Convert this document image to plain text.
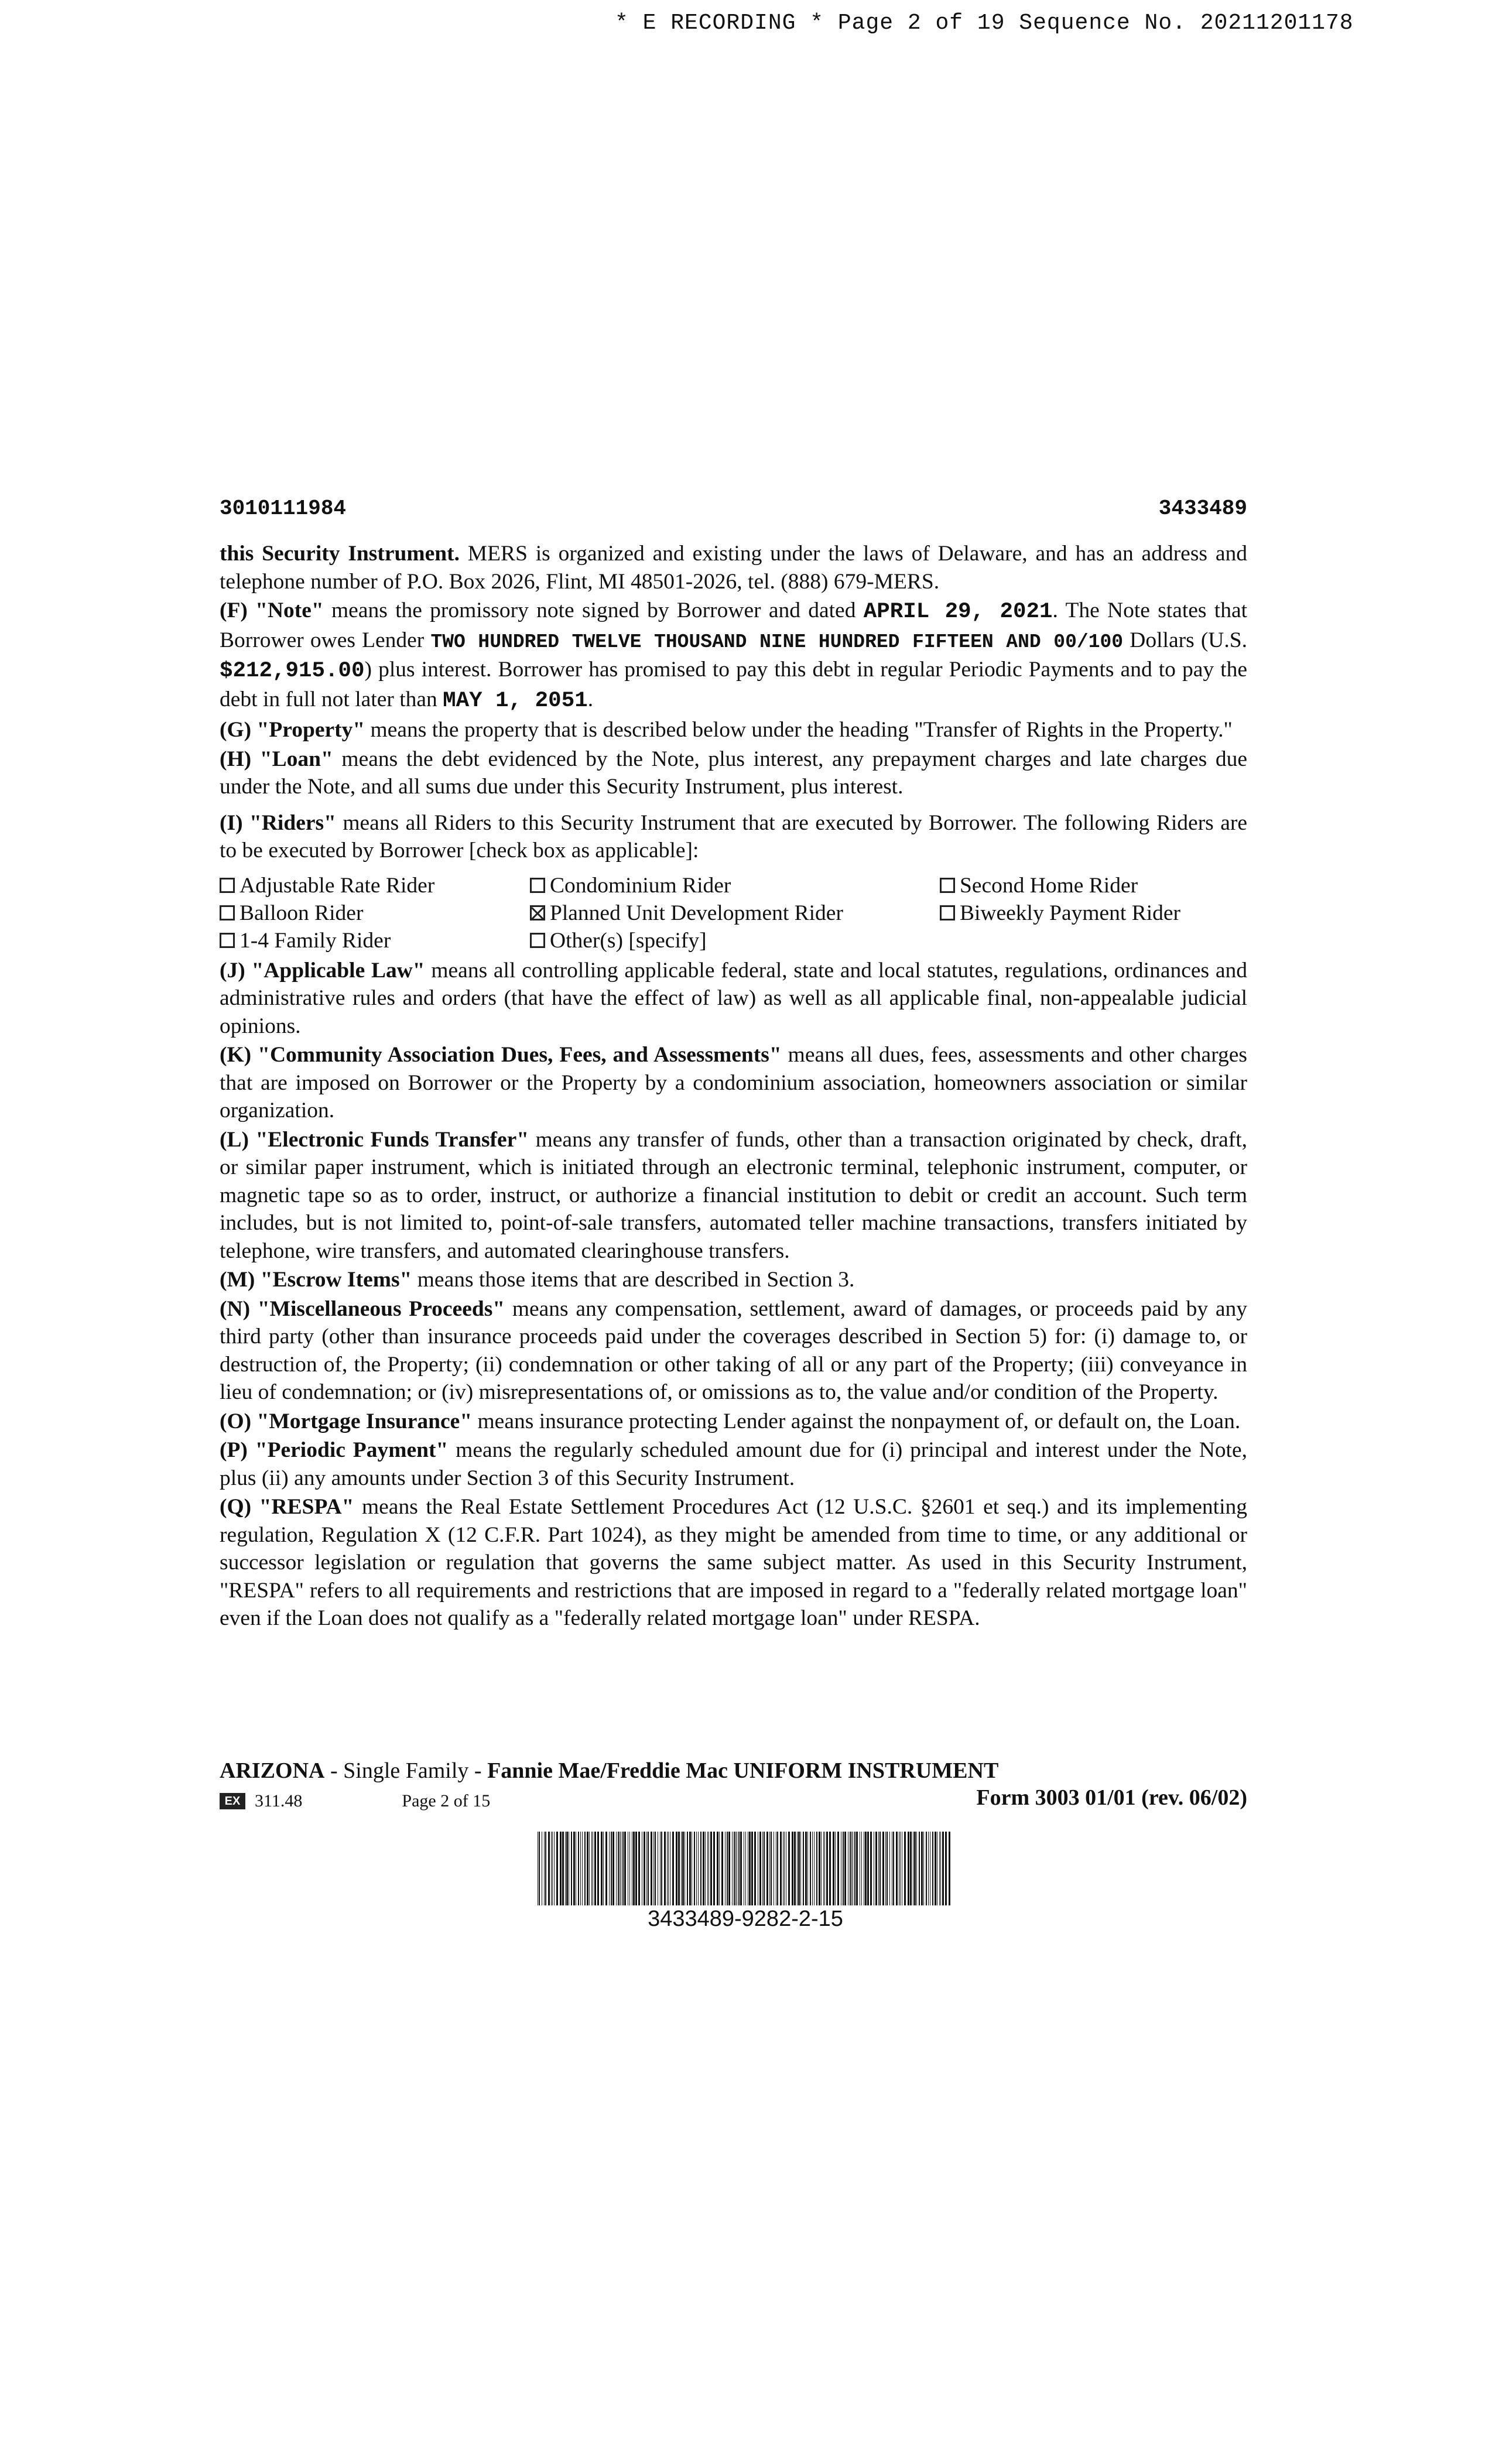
* E RECORDING * Page 2 of 19 Sequence No. 20211201178
3010111984	3433489

this Security Instrument. MERS is organized and existing under the laws of Delaware, and has an address and telephone number of P.O. Box 2026, Flint, MI 48501-2026, tel. (888) 679-MERS.

(F) "Note" means the promissory note signed by Borrower and dated APRIL 29, 2021. The Note states that Borrower owes Lender TWO HUNDRED TWELVE THOUSAND NINE HUNDRED FIFTEEN AND 00/100 Dollars (U.S. $212,915.00) plus interest. Borrower has promised to pay this debt in regular Periodic Payments and to pay the debt in full not later than MAY 1, 2051.

(G) "Property" means the property that is described below under the heading "Transfer of Rights in the Property."

(H) "Loan" means the debt evidenced by the Note, plus interest, any prepayment charges and late charges due under the Note, and all sums due under this Security Instrument, plus interest.

(I) "Riders" means all Riders to this Security Instrument that are executed by Borrower. The following Riders are to be executed by Borrower [check box as applicable]:

Adjustable Rate Rider	Condominium Rider	Second Home Rider
Balloon Rider	Planned Unit Development Rider	Biweekly Payment Rider
1-4 Family Rider	Other(s) [specify]

(J) "Applicable Law" means all controlling applicable federal, state and local statutes, regulations, ordinances and administrative rules and orders (that have the effect of law) as well as all applicable final, non-appealable judicial opinions.

(K) "Community Association Dues, Fees, and Assessments" means all dues, fees, assessments and other charges that are imposed on Borrower or the Property by a condominium association, homeowners association or similar organization.

(L) "Electronic Funds Transfer" means any transfer of funds, other than a transaction originated by check, draft, or similar paper instrument, which is initiated through an electronic terminal, telephonic instrument, computer, or magnetic tape so as to order, instruct, or authorize a financial institution to debit or credit an account. Such term includes, but is not limited to, point-of-sale transfers, automated teller machine transactions, transfers initiated by telephone, wire transfers, and automated clearinghouse transfers.

(M) "Escrow Items" means those items that are described in Section 3.

(N) "Miscellaneous Proceeds" means any compensation, settlement, award of damages, or proceeds paid by any third party (other than insurance proceeds paid under the coverages described in Section 5) for: (i) damage to, or destruction of, the Property; (ii) condemnation or other taking of all or any part of the Property; (iii) conveyance in lieu of condemnation; or (iv) misrepresentations of, or omissions as to, the value and/or condition of the Property.

(O) "Mortgage Insurance" means insurance protecting Lender against the nonpayment of, or default on, the Loan.

(P) "Periodic Payment" means the regularly scheduled amount due for (i) principal and interest under the Note, plus (ii) any amounts under Section 3 of this Security Instrument.

(Q) "RESPA" means the Real Estate Settlement Procedures Act (12 U.S.C. §2601 et seq.) and its implementing regulation, Regulation X (12 C.F.R. Part 1024), as they might be amended from time to time, or any additional or successor legislation or regulation that governs the same subject matter. As used in this Security Instrument, "RESPA" refers to all requirements and restrictions that are imposed in regard to a "federally related mortgage loan" even if the Loan does not qualify as a "federally related mortgage loan" under RESPA.

ARIZONA - Single Family - Fannie Mae/Freddie Mac UNIFORM INSTRUMENT
EX 311.48	Page 2 of 15	Form 3003 01/01 (rev. 06/02)
3433489-9282-2-15
